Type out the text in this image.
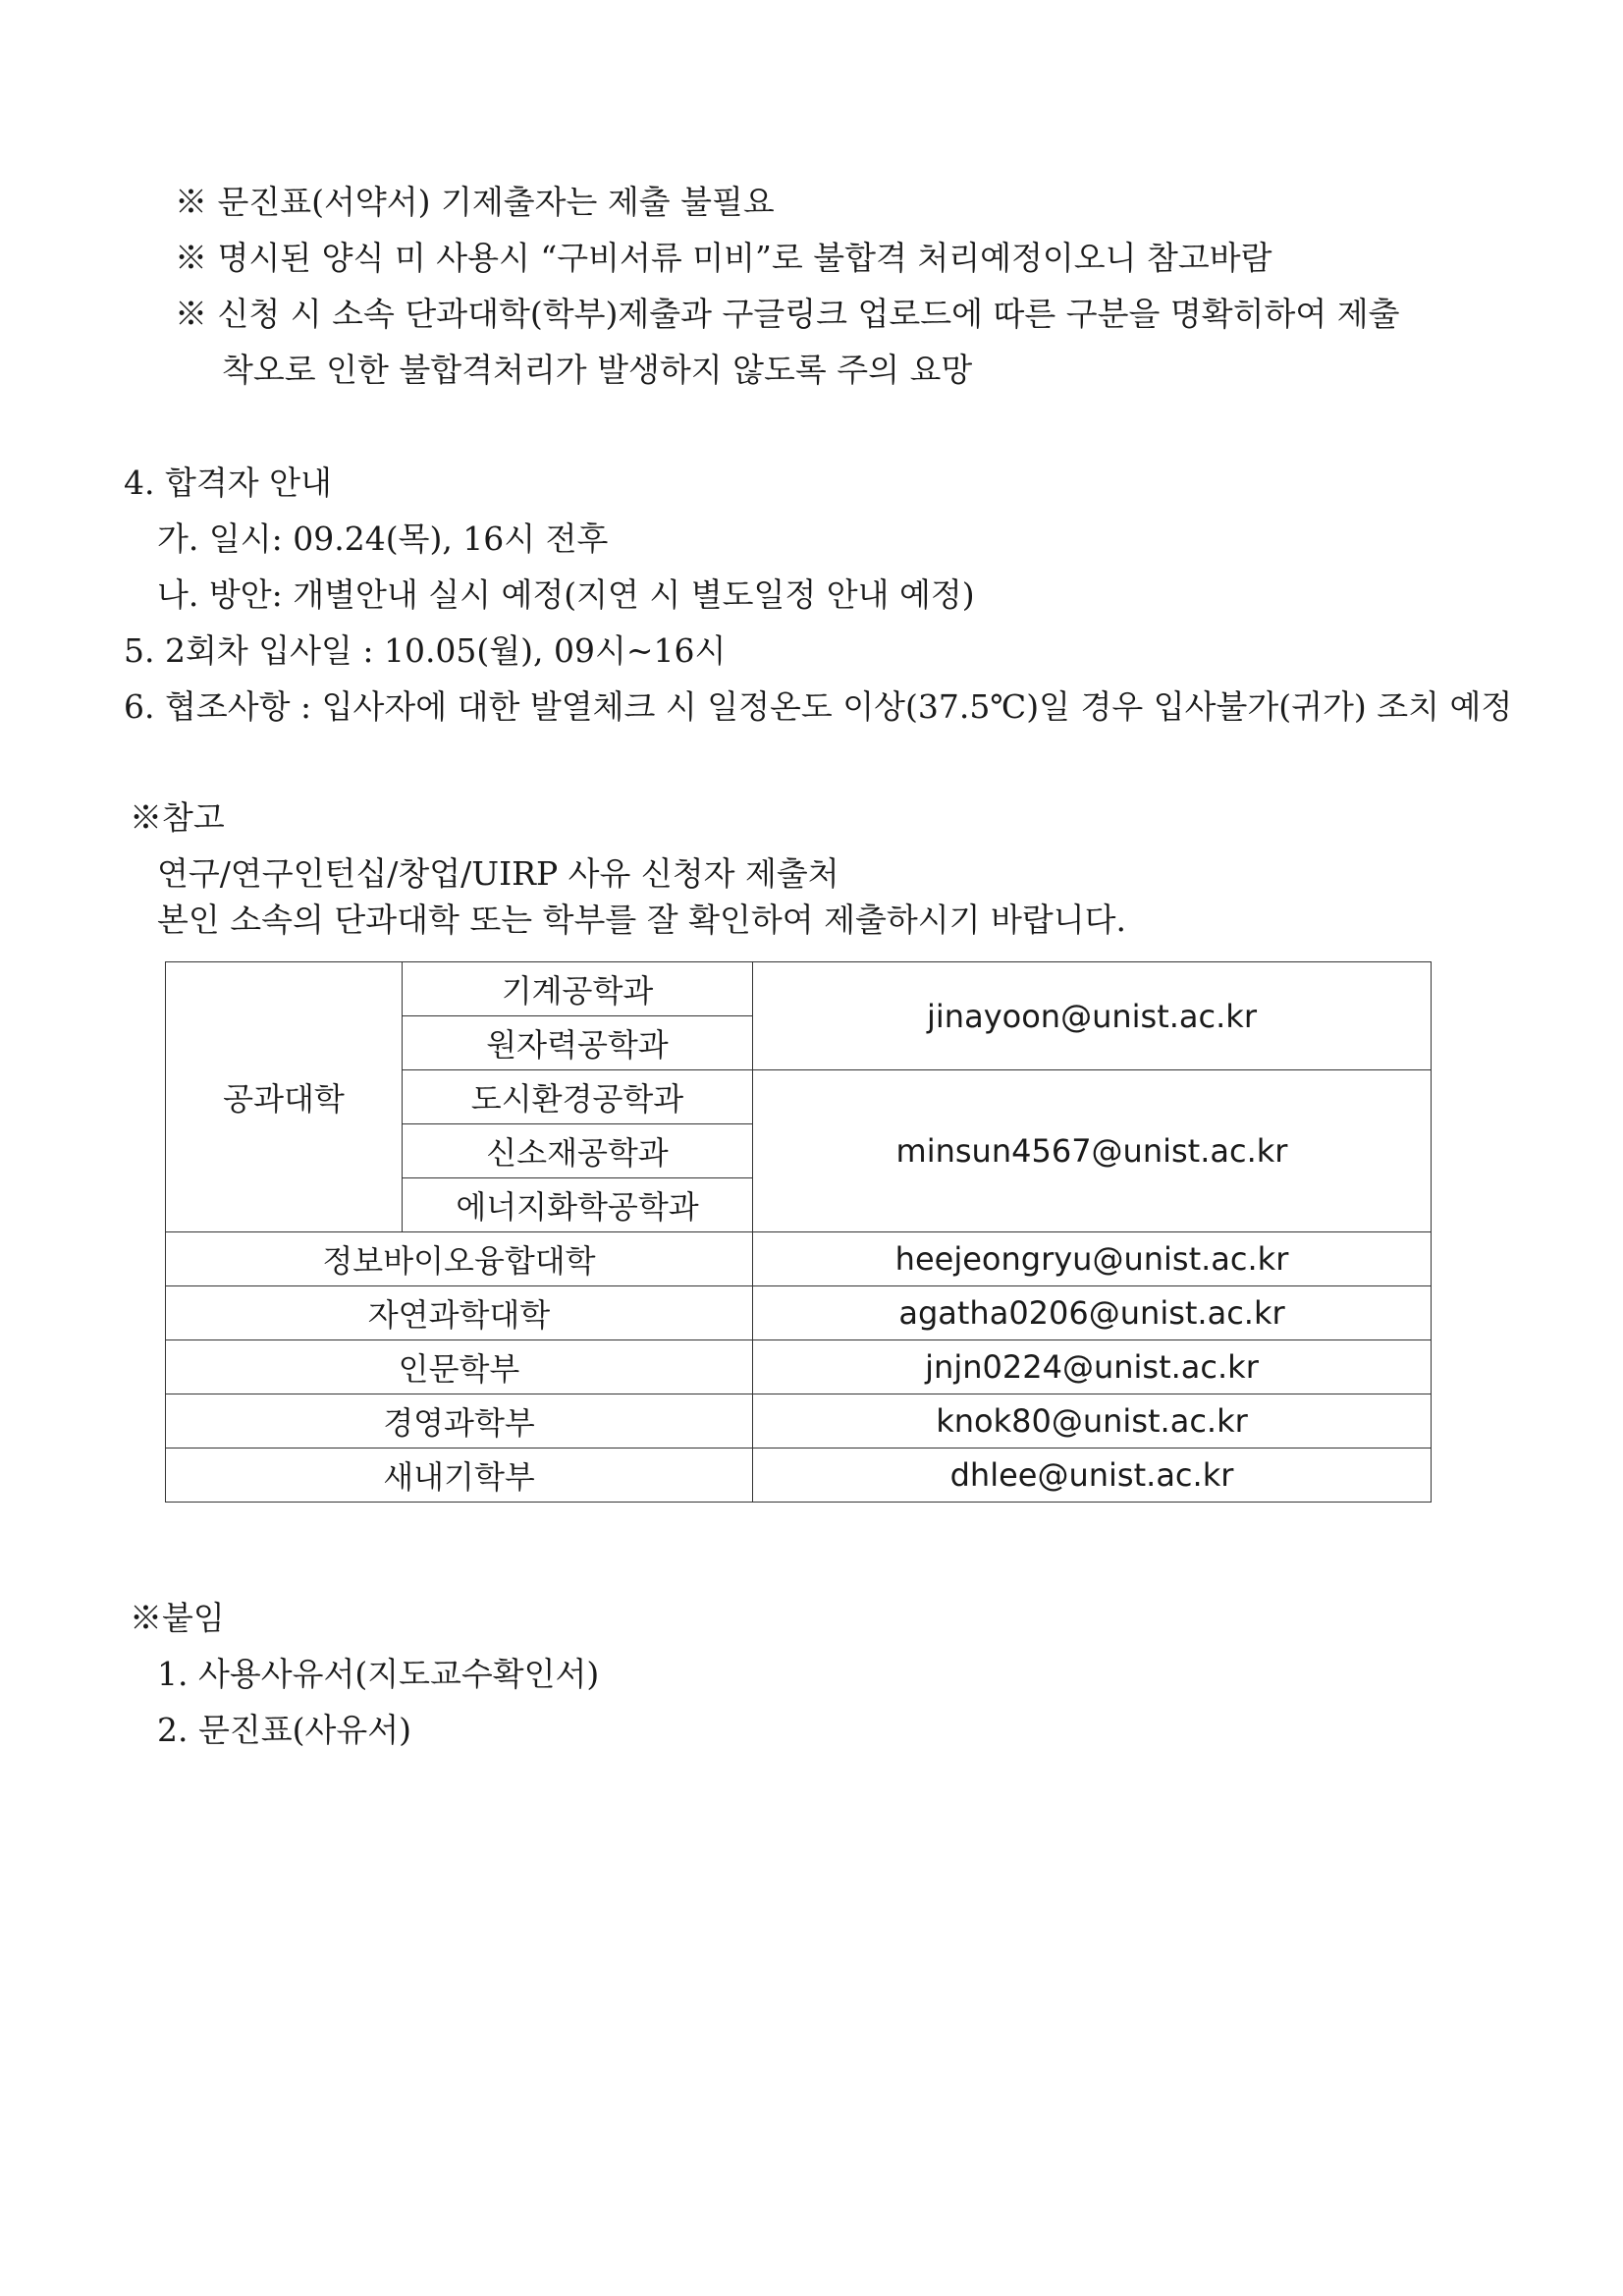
※ 문진표(서약서) 기제출자는 제출 불필요
※ 명시된 양식 미 사용시 “구비서류 미비”로 불합격 처리예정이오니 참고바람
※ 신청 시 소속 단과대학(학부)제출과 구글링크 업로드에 따른 구분을 명확히하여 제출
착오로 인한 불합격처리가 발생하지 않도록 주의 요망
4. 합격자 안내
가. 일시: 09.24(목), 16시 전후
나. 방안: 개별안내 실시 예정(지연 시 별도일정 안내 예정)
5. 2회차 입사일 : 10.05(월), 09시~16시
6. 협조사항 : 입사자에 대한 발열체크 시 일정온도 이상(37.5℃)일 경우 입사불가(귀가) 조치 예정
※참고
연구/연구인턴십/창업/UIRP 사유 신청자 제출처
본인 소속의 단과대학 또는 학부를 잘 확인하여 제출하시기 바랍니다.
공과대학	기계공학과	jinayoon@unist.ac.kr
	원자력공학과	
	도시환경공학과	minsun4567@unist.ac.kr
	신소재공학과	
	에너지화학공학과	
정보바이오융합대학		heejeongryu@unist.ac.kr
자연과학대학		agatha0206@unist.ac.kr
인문학부		jnjn0224@unist.ac.kr
경영과학부		knok80@unist.ac.kr
새내기학부		dhlee@unist.ac.kr
※붙임
1. 사용사유서(지도교수확인서)
2. 문진표(사유서)
